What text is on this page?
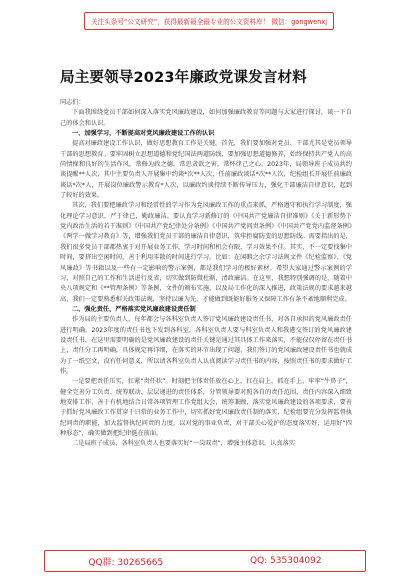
关注头条号“公文研究”，获得最新最全最专业的公文资料库！ 微信：gongwenxj
局主要领导2023年廉政党课发言材料

同志们：

下面我围绕党员干部如何深入落实党风廉政建设，如何加强廉政教育等问题与大家进行探讨，谈一下自己的体会和认识。

一、加强学习，不断提高对党风廉政建设工作的认识

提高对廉政建设工作认识，做好思想教育工作是关键。首先，我们要加强对党员、干部尤其是党员领导干部的思想教育。要牢固树立思想道德和党纪国法两道防线，要加强思想道德修养，始终保持共产党人的高尚情操和良好的生活作风，常修为政之德，常思贪欲之害，常怀律己之心。2023年，局领导班子成员共约谈提醒**人次，其中主要负责人开展集中约谈*次**人次，任前廉政谈话*次**人次，纪检组长开展任前廉政谈话*次*人，开展岗位廉政警示教育*人次，以廉政约谈持续不断传导压力，强化干部廉洁自律意识，起到了较好的效果。

其次，我们要把廉政学习和经常性的学习作为党风廉政工作的重点来抓，严格遵守和执行学习制度，强化理论学习意识，严于律已，勤政廉洁。要认真学习新修订的《中国共产党廉洁自律准则》《关于新形势下党内政治生活的若干准则》《中国共产党纪律处分条例》《中国共产党问责条例》《中国共产党党内监督条例》《两学一做学习教育》等，增强我们党员干部的廉洁自律意识，筑牢拒腐防变的思想防线。需要指出的是，我们很多党员干部都热衷于对开展业务工作，学习时间和机会有限，学习效果不佳。其实，不一定要找集中时间，要挤出空闲时间，善于利用零散的时间进行学习。比如：在闲暇之余学习法规文件《纪检监察》、《党风廉政》等书籍以及一些有一定影响的警示案例，都是我们学习的极好素材。希望大家通过警示案例的学习，对照自己的工作和生活进行反省，切实做到防微杜渐，清政廉洁。在这里，我想特别强调的是，随着中央八项规定和《**管理条例》等条例，文件的颁布实施，以及局工作化的深入推进，政策法规的要求越来越高，我们一定要熟悉相关政策法规，坚持以廉为先，才能做到既能好服务又保障工作有条不紊地顺利完成。

二、强化责任，严格落实党风廉政建设责任制

作为局的主要负责人，每年都会与各科室负责人签订党风廉政建设责任书，对各自承担的党风廉政责任进行明确。2023年度的责任书也下发到各科室，各科室负责人要与科室负责人和我港交签订的党风廉政建设责任书，在这里需要明确的是党风廉政建设的责任关键是通过其具体工作来落实，不能仅仅停留在责任书上，责任分工再明确，具体规定再详细，在落实的环节出现了问题，我们签订的党风廉政建设责任书也就成为了一纸空文，没有任何意义，所以请各科室负责人认真阅读学习责任书的内容，按照责任书的要求做好工作。

一是要把责任压实，扛紧“责任状”。时刻把主体责任放在心上，扛在肩上，抓在手上，牢牢“牛鼻子”，健全完善分工负责、统筹联动、层层递进的责任体系，分管领导要对照各自的责任范围，责任内容深入细致地安排工作，善于有机地结合日常各项管理工作党组大会，统筹兼顾，落实党风廉政建设的各项要求，要善于抓好党风廉政工作贯穿于日常的业务工作中，切实抓好党风廉政责任制的落实，纪检组要充分发挥监督执纪问责的职能，加大监督执纪问责的力度，以对党的事业负责，对干部关心爱护的态度落实好，运用好“四种形态”，确实做到把纪律挺在前面。

二是局班子成员、各科室负责人也要落实好“一岗双责”，增强主体意识，认真落实

QQ群: 30265665	QQ: 535304092
